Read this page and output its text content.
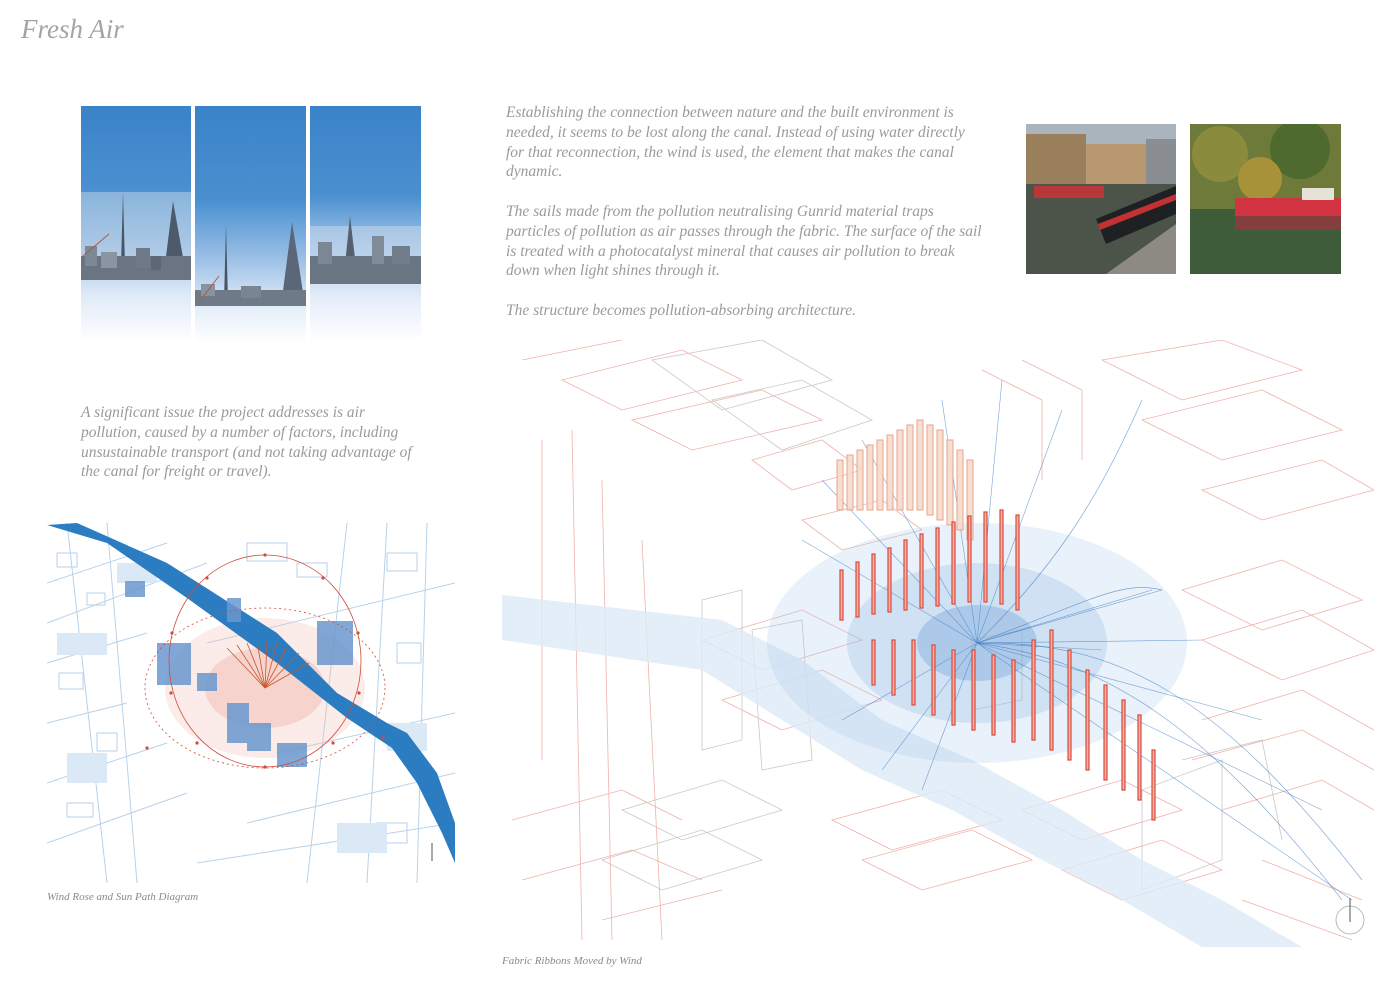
Fresh Air

Establishing the connection between nature and the built environment is needed, it seems to be lost along the canal. Instead of using water directly for that reconnection, the wind is used, the element that makes the canal dynamic.

The sails made from the pollution neutralising Gunrid material traps particles of pollution as air passes through the fabric. The surface of the sail is treated with a photocatalyst mineral that causes air pollution to break down when light shines through it.

The structure becomes pollution-absorbing architecture.

A significant issue the project addresses is air pollution, caused by a number of factors, including unsustainable transport (and not taking advantage of the canal for freight or travel).
Wind Rose and Sun Path Diagram
Fabric Ribbons Moved by Wind
